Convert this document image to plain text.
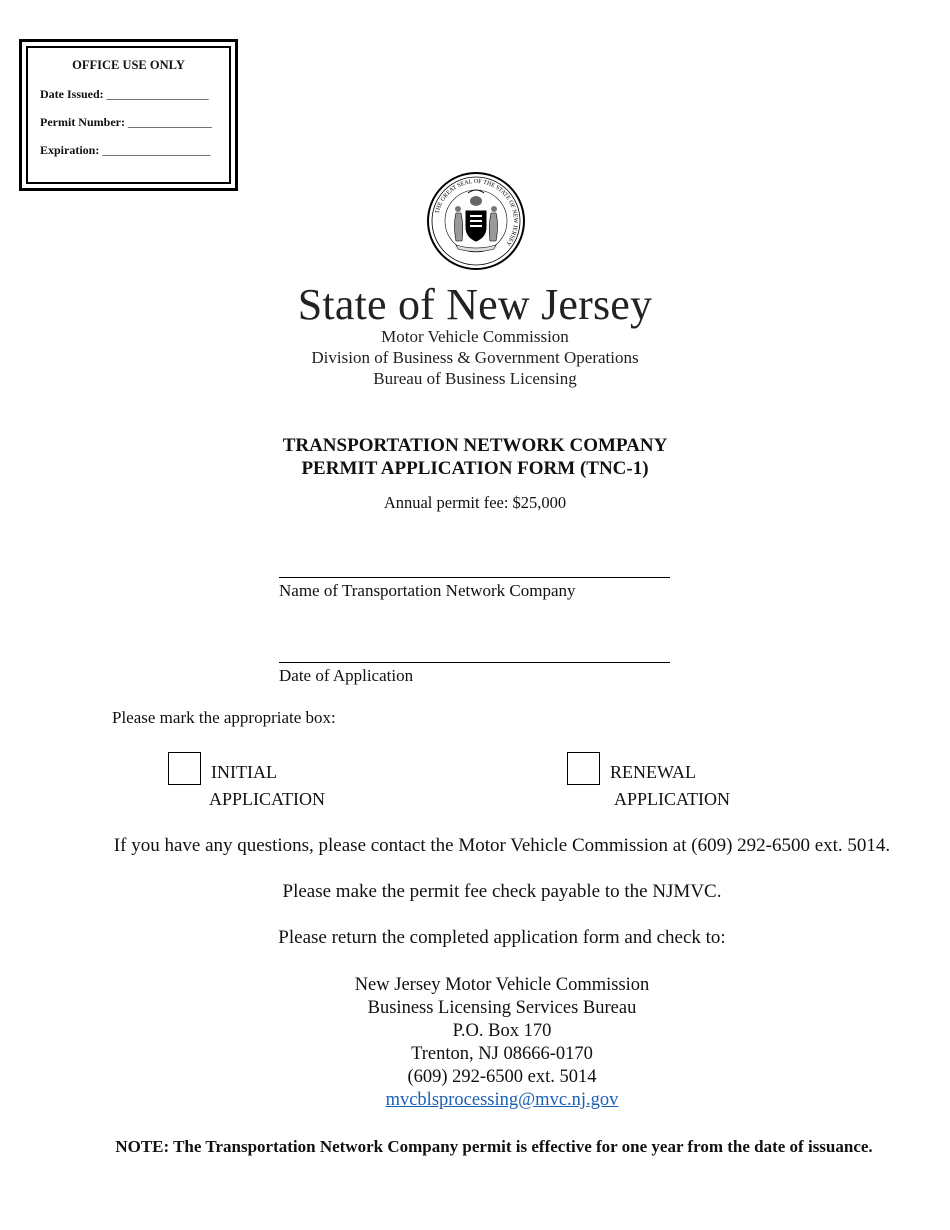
OFFICE USE ONLY
Date Issued: _________________
Permit Number: ______________
Expiration: __________________
THE GREAT SEAL OF THE STATE OF NEW JERSEY
State of New Jersey
Motor Vehicle Commission
Division of Business & Government Operations
Bureau of Business Licensing
TRANSPORTATION NETWORK COMPANY
PERMIT APPLICATION FORM (TNC-1)
Annual permit fee: $25,000
Name of Transportation Network Company
Date of Application
Please mark the appropriate box:
INITIAL
APPLICATION
RENEWAL
APPLICATION
If you have any questions, please contact the Motor Vehicle Commission at (609) 292-6500 ext. 5014.
Please make the permit fee check payable to the NJMVC.
Please return the completed application form and check to:
New Jersey Motor Vehicle Commission
Business Licensing Services Bureau
P.O. Box 170
Trenton, NJ 08666-0170
(609) 292-6500 ext. 5014
mvcblsprocessing@mvc.nj.gov
NOTE: The Transportation Network Company permit is effective for one year from the date of issuance.
